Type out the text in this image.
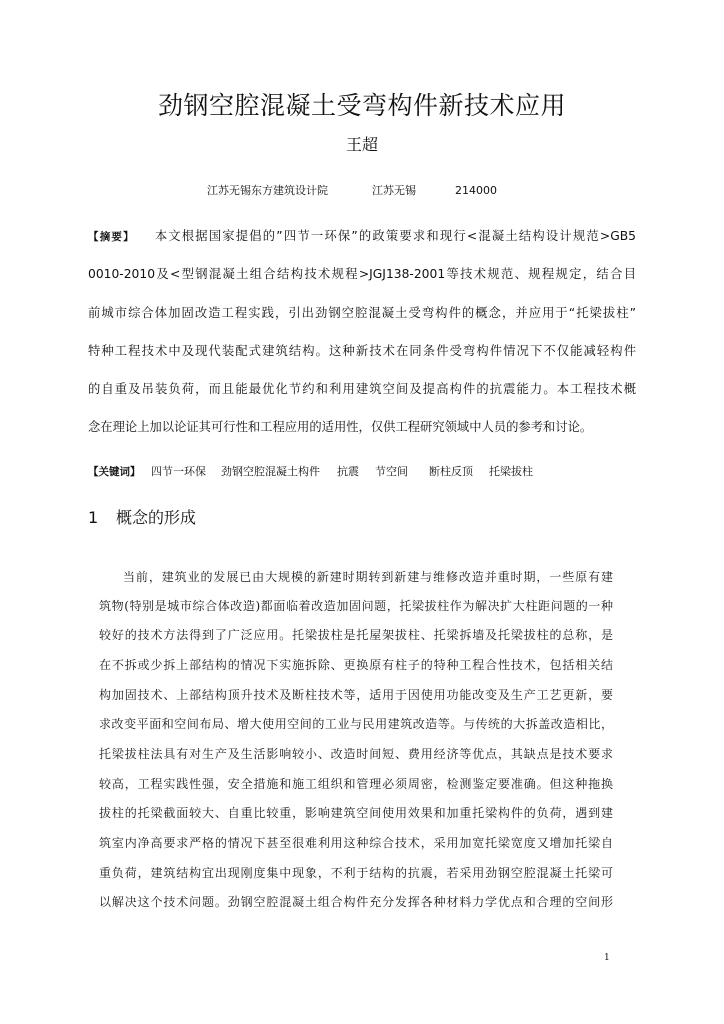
劲钢空腔混凝土受弯构件新技术应用
王超
江苏无锡东方建筑设计院	江苏无锡	214000
【摘要】 本文根据国家提倡的”四节一环保”的政策要求和现行<混凝土结构设计规范>GB5
0010-2010及<型钢混凝土组合结构技术规程>JGJ138-2001等技术规范、规程规定，结合目
前城市综合体加固改造工程实践，引出劲钢空腔混凝土受弯构件的概念，并应用于“托梁拔柱”
特种工程技术中及现代装配式建筑结构。这种新技术在同条件受弯构件情况下不仅能减轻构件
的自重及吊装负荷，而且能最优化节约和利用建筑空间及提高构件的抗震能力。本工程技术概
念在理论上加以论证其可行性和工程应用的适用性，仅供工程研究领域中人员的参考和讨论。
【关键词】 四节一环保 劲钢空腔混凝土构件 抗震 节空间 断柱反顶 托梁拔柱
1 概念的形成
当前，建筑业的发展已由大规模的新建时期转到新建与维修改造并重时期，一些原有建
筑物(特别是城市综合体改造)都面临着改造加固问题，托梁拔柱作为解决扩大柱距问题的一种
较好的技术方法得到了广泛应用。托梁拔柱是托屋架拔柱、托梁拆墙及托梁拔柱的总称，是
在不拆或少拆上部结构的情况下实施拆除、更换原有柱子的特种工程合性技术，包括相关结
构加固技术、上部结构顶升技术及断柱技术等，适用于因使用功能改变及生产工艺更新，要
求改变平面和空间布局、增大使用空间的工业与民用建筑改造等。与传统的大拆盖改造相比，
托梁拔柱法具有对生产及生活影响较小、改造时间短、费用经济等优点，其缺点是技术要求
较高，工程实践性强，安全措施和施工组织和管理必须周密，检测鉴定要准确。但这种拖换
拔柱的托梁截面较大、自重比较重，影响建筑空间使用效果和加重托梁构件的负荷，遇到建
筑室内净高要求严格的情况下甚至很难利用这种综合技术，采用加宽托梁宽度又增加托梁自
重负荷，建筑结构宜出现刚度集中现象，不利于结构的抗震，若采用劲钢空腔混凝土托梁可
以解决这个技术问题。劲钢空腔混凝土组合构件充分发挥各种材料力学优点和合理的空间形
1
